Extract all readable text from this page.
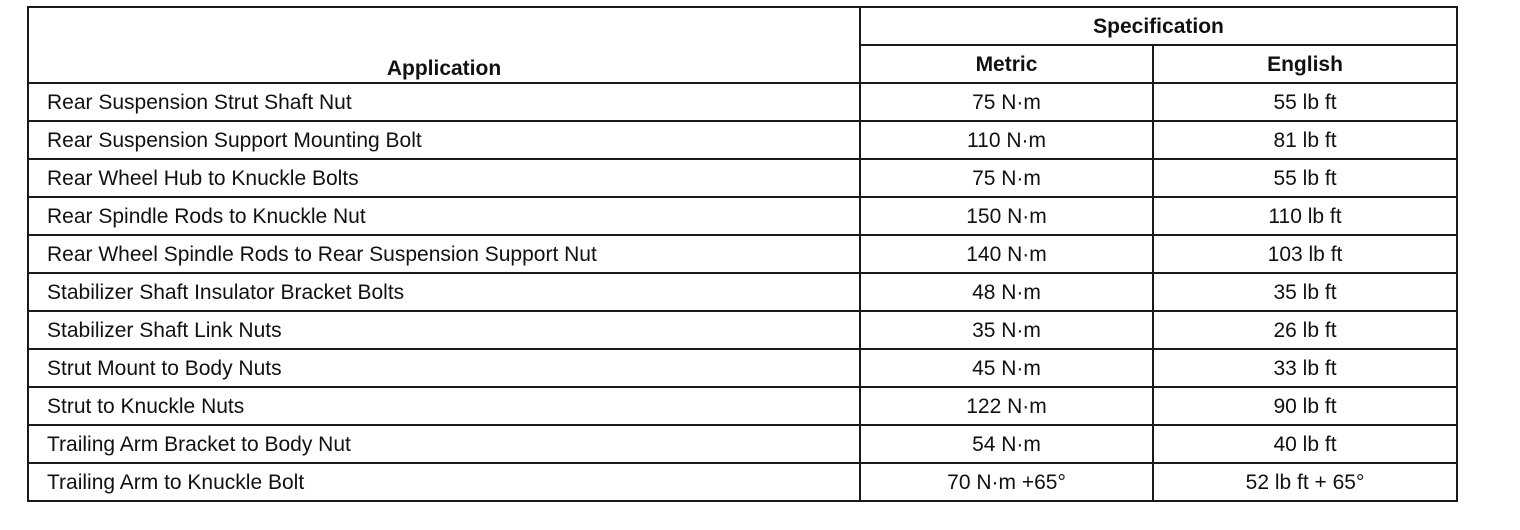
Application	Specification	
	Metric	English
Rear Suspension Strut Shaft Nut	75 N·m	55 lb ft
Rear Suspension Support Mounting Bolt	110 N·m	81 lb ft
Rear Wheel Hub to Knuckle Bolts	75 N·m	55 lb ft
Rear Spindle Rods to Knuckle Nut	150 N·m	110 lb ft
Rear Wheel Spindle Rods to Rear Suspension Support Nut	140 N·m	103 lb ft
Stabilizer Shaft Insulator Bracket Bolts	48 N·m	35 lb ft
Stabilizer Shaft Link Nuts	35 N·m	26 lb ft
Strut Mount to Body Nuts	45 N·m	33 lb ft
Strut to Knuckle Nuts	122 N·m	90 lb ft
Trailing Arm Bracket to Body Nut	54 N·m	40 lb ft
Trailing Arm to Knuckle Bolt	70 N·m +65°	52 lb ft + 65°
